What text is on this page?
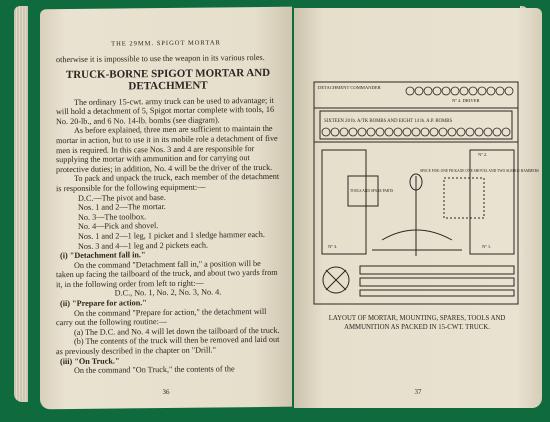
THE 29MM. SPIGOT MORTAR

otherwise it is impossible to use the weapon in its various roles.

TRUCK-BORNE SPIGOT MORTAR AND DETACHMENT

The ordinary 15-cwt. army truck can be used to advantage; it will hold a detachment of 5, Spigot mortar complete with tools, 16 No. 20-lb., and 6 No. 14-lb. bombs (see diagram).

As before explained, three men are sufficient to maintain the mortar in action, but to use it in its mobile role a detachment of five men is required. In this case Nos. 3 and 4 are responsible for supplying the mortar with ammunition and for carrying out protective duties; in addition, No. 4 will be the driver of the truck.

To pack and unpack the truck, each member of the detachment is responsible for the following equipment:—

D.C.—The pivot and base.

Nos. 1 and 2—The mortar.

No. 3—The toolbox.

No. 4—Pick and shovel.

Nos. 1 and 2—1 leg, 1 picket and 1 sledge hammer each.

Nos. 3 and 4—1 leg and 2 pickets each.

(i) "Detachment fall in."

On the command "Detachment fall in," a position will be taken up facing the tailboard of the truck, and about two yards from it, in the following order from left to right:—

D.C., No. 1, No. 2, No. 3, No. 4.

(ii) "Prepare for action."

On the command "Prepare for action," the detachment will carry out the following routine:—

(a) The D.C. and No. 4 will let down the tailboard of the truck.

(b) The contents of the truck will then be removed and laid out as previously described in the chapter on "Drill."

(iii) "On Truck."

On the command "On Truck," the contents of the

36
DETACHMENT COMMANDER
Nº 4. DRIVER
SIXTEEN 20 lb. A/TK BOMBS AND EIGHT 14 lb. A.P. BOMBS
Nº 2.
Nº 3.	Nº 1.
TOOLS AND SPARE PARTS
SPACE FOR: ONE PICKAXE ONE SHOVEL AND TWO SLEDGE HAMMERS
LAYOUT OF MORTAR, MOUNTING, SPARES, TOOLS AND AMMUNITION AS PACKED IN 15-CWT. TRUCK.
37
